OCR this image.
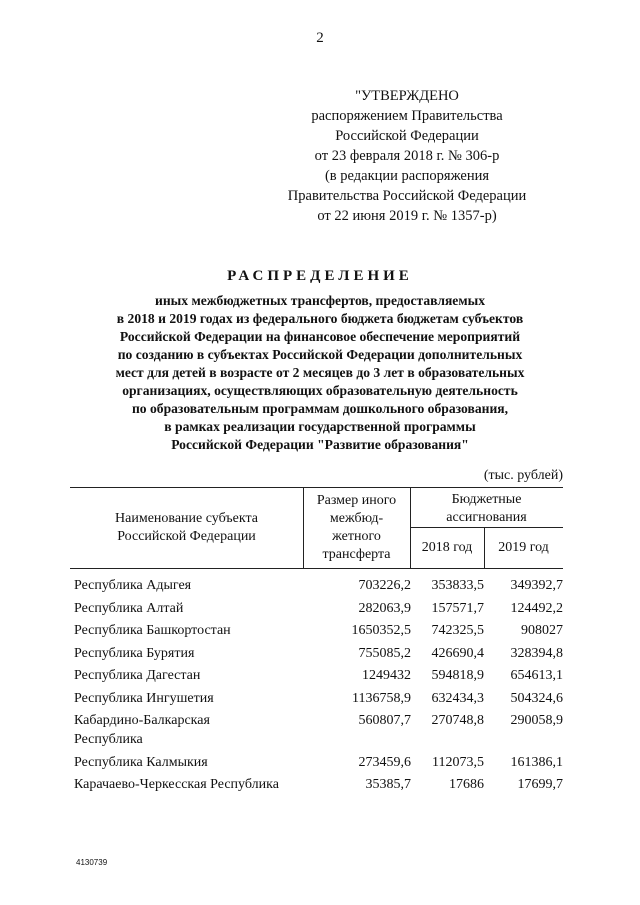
2
"УТВЕРЖДЕНО
распоряжением Правительства
Российской Федерации
от 23 февраля 2018 г. № 306-р
(в редакции распоряжения
Правительства Российской Федерации
от 22 июня 2019 г. № 1357-р)
РАСПРЕДЕЛЕНИЕ
иных межбюджетных трансфертов, предоставляемых
в 2018 и 2019 годах из федерального бюджета бюджетам субъектов
Российской Федерации на финансовое обеспечение мероприятий
по созданию в субъектах Российской Федерации дополнительных
мест для детей в возрасте от 2 месяцев до 3 лет в образовательных
организациях, осуществляющих образовательную деятельность
по образовательным программам дошкольного образования,
в рамках реализации государственной программы
Российской Федерации "Развитие образования"
(тыс. рублей)
Наименование субъекта
Российской Федерации
Размер иного
межбюд-
жетного
трансферта
Бюджетные
ассигнования
2018 год	2019 год
Республика Адыгея	703226,2	353833,5	349392,7
Республика Алтай	282063,9	157571,7	124492,2
Республика Башкортостан	1650352,5	742325,5	908027
Республика Бурятия	755085,2	426690,4	328394,8
Республика Дагестан	1249432	594818,9	654613,1
Республика Ингушетия	1136758,9	632434,3	504324,6
Кабардино-Балкарская
Республика
560807,7	270748,8	290058,9
Республика Калмыкия	273459,6	112073,5	161386,1
Карачаево-Черкесская Республика	35385,7	17686	17699,7
4130739
